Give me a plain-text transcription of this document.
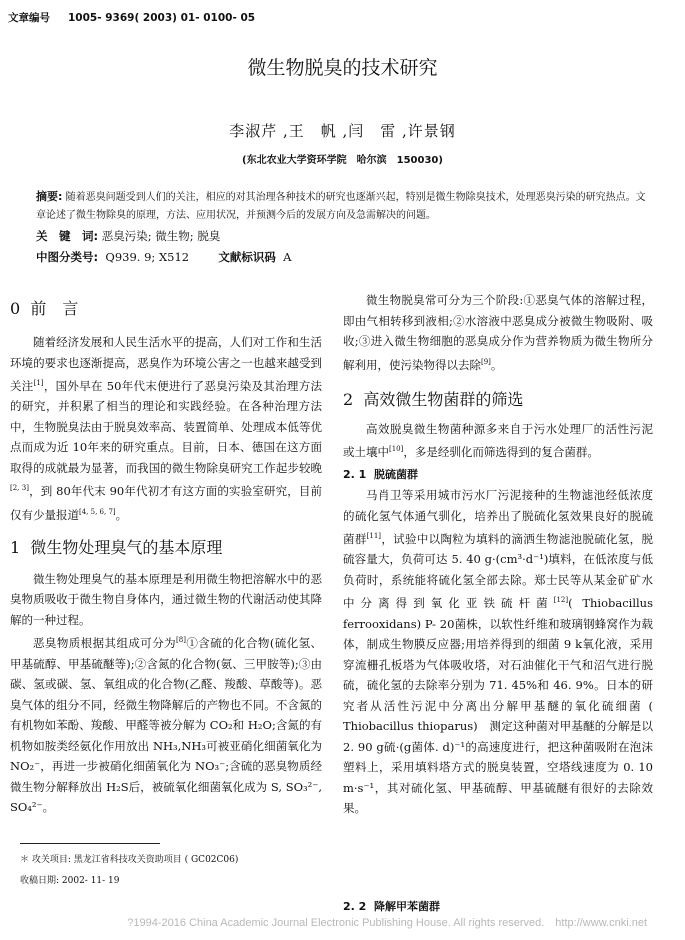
文章编号 1005- 9369( 2003) 01- 0100- 05
微生物脱臭的技术研究
李淑芹 ,王　帆 ,闫　雷 ,许景钢
(东北农业大学资环学院　哈尔滨　150030)
摘要: 随着恶臭问题受到人们的关注，相应的对其治理各种技术的研究也逐渐兴起，特别是微生物除臭技术，处理恶臭污染的研究热点。文章论述了微生物除臭的原理，方法、应用状况，并预测今后的发展方向及急需解决的问题。
关　键　词: 恶臭污染; 微生物; 脱臭
中图分类号: Q939. 9; X512	文献标识码 A
0 前　言

随着经济发展和人民生活水平的提高，人们对工作和生活环境的要求也逐渐提高，恶臭作为环境公害之一也越来越受到关注[1]，国外早在 50年代末便进行了恶臭污染及其治理方法的研究，并积累了相当的理论和实践经验。在各种治理方法中，生物脱臭法由于脱臭效率高、装置简单、处理成本低等优点而成为近 10年来的研究重点。目前，日本、德国在这方面取得的成就最为显著，而我国的微生物除臭研究工作起步较晚[2, 3]，到 80年代末 90年代初才有这方面的实验室研究，目前仅有少量报道[4, 5, 6, 7]。

1 微生物处理臭气的基本原理

微生物处理臭气的基本原理是利用微生物把溶解水中的恶臭物质吸收于微生物自身体内，通过微生物的代谢活动使其降解的一种过程。

恶臭物质根据其组成可分为[8]①含硫的化合物(硫化氢、甲基硫醇、甲基硫醚等);②含氮的化合物(氨、三甲胺等);③由碳、氢或碳、氢、氧组成的化合物(乙醛、羧酸、草酸等)。恶臭气体的组分不同，经微生物降解后的产物也不同。不含氮的有机物如苯酚、羧酸、甲醛等被分解为 CO₂和 H₂O;含氮的有机物如胺类经氨化作用放出 NH₃,NH₃可被亚硝化细菌氧化为 NO₂⁻，再进一步被硝化细菌氧化为 NO₃⁻;含硫的恶臭物质经微生物分解释放出 H₂S后，被硫氧化细菌氧化成为 S, SO₃²⁻, SO₄²⁻。

微生物脱臭常可分为三个阶段:①恶臭气体的溶解过程，即由气相转移到液相;②水溶液中恶臭成分被微生物吸附、吸收;③进入微生物细胞的恶臭成分作为营养物质为微生物所分解利用，使污染物得以去除[9]。

2 高效微生物菌群的筛选

高效脱臭微生物菌种源多来自于污水处理厂的活性污泥或土壤中[10]，多是经驯化而筛选得到的复合菌群。

2. 1 脱硫菌群

马肖卫等采用城市污水厂污泥接种的生物滤池经低浓度的硫化氢气体通气驯化，培养出了脱硫化氢效果良好的脱硫菌群[11]，试验中以陶粒为填料的滴洒生物滤池脱硫化氢，脱硫容量大，负荷可达 5. 40 g·(cm³·d⁻¹)填料，在低浓度与低负荷时，系统能将硫化氢全部去除。郑士民等从某金矿矿水中分离得到氧化亚铁硫杆菌[12]( Thiobacillus ferrooxidans) P- 20菌株，以软性纤维和玻璃钢蜂窝作为载体，制成生物膜反应器;用培养得到的细菌 9 k氧化液，采用穿流栅孔板塔为气体吸收塔，对石油催化干气和沼气进行脱硫，硫化氢的去除率分别为 71. 45%和 46. 9%。日本的研究者从活性污泥中分离出分解甲基醚的氧化硫细菌 ( Thiobacillus thioparus)　测定这种菌对甲基醚的分解是以 2. 90 g硫·(g菌体. d)⁻¹的高速度进行，把这种菌吸附在泡沫塑料上，采用填料塔方式的脱臭装置，空塔线速度为 0. 10 m·s⁻¹，其对硫化氢、甲基硫醇、甲基硫醚有很好的去除效果。

2. 2 降解甲苯菌群
＊ 攻关项目: 黑龙江省科技攻关资助项目 ( GC02C06)
收稿日期: 2002- 11- 19
?1994-2016 China Academic Journal Electronic Publishing House. All rights reserved.　http://www.cnki.net
